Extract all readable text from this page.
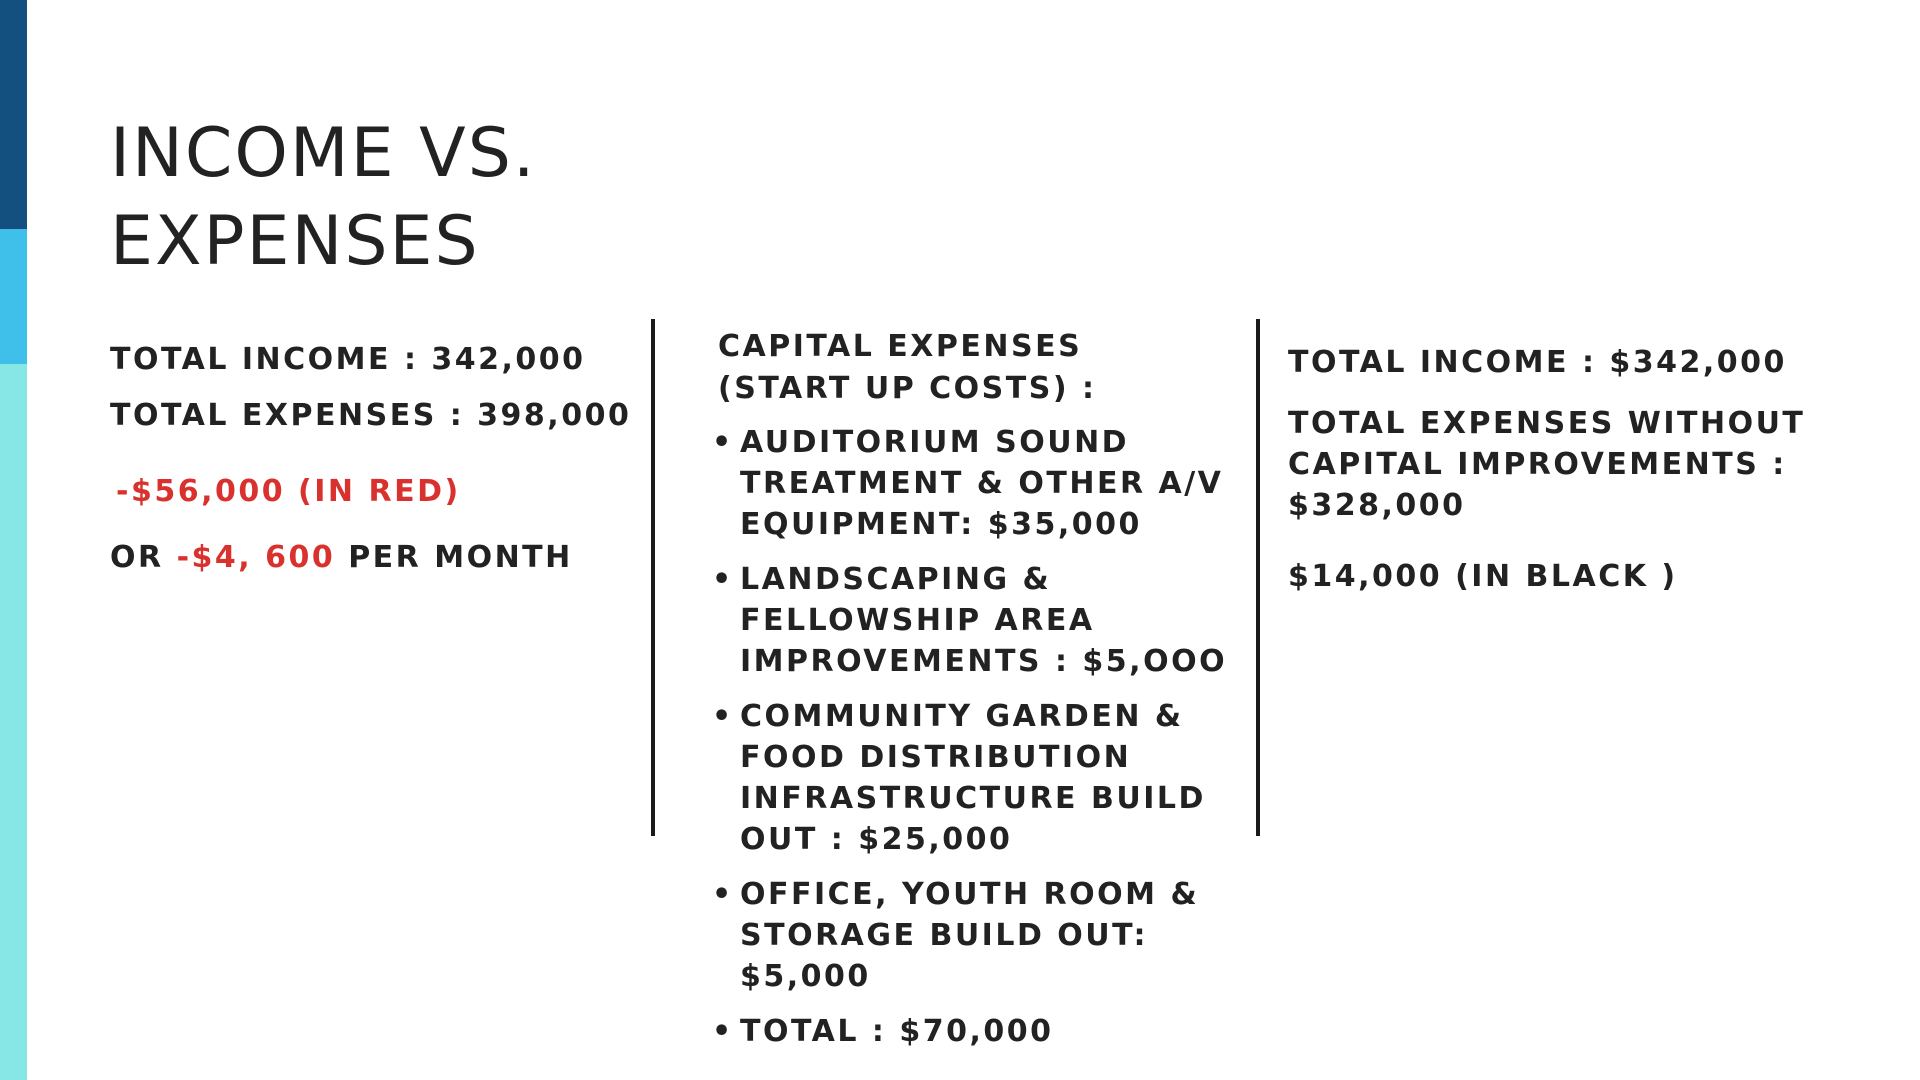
INCOME VS.
EXPENSES

TOTAL INCOME : 342,000

TOTAL EXPENSES : 398,000

-$56,000 (IN RED)

OR -$4, 600 PER MONTH

CAPITAL EXPENSES
(START UP COSTS) :

• AUDITORIUM SOUND TREATMENT & OTHER A/V EQUIPMENT: $35,000
• LANDSCAPING & FELLOWSHIP AREA IMPROVEMENTS : $5,OOO
• COMMUNITY GARDEN & FOOD DISTRIBUTION INFRASTRUCTURE BUILD OUT : $25,000
• OFFICE, YOUTH ROOM & STORAGE BUILD OUT: $5,000
• TOTAL : $70,000

TOTAL INCOME : $342,000

TOTAL EXPENSES WITHOUT CAPITAL IMPROVEMENTS : $328,000

$14,000 (IN BLACK )
